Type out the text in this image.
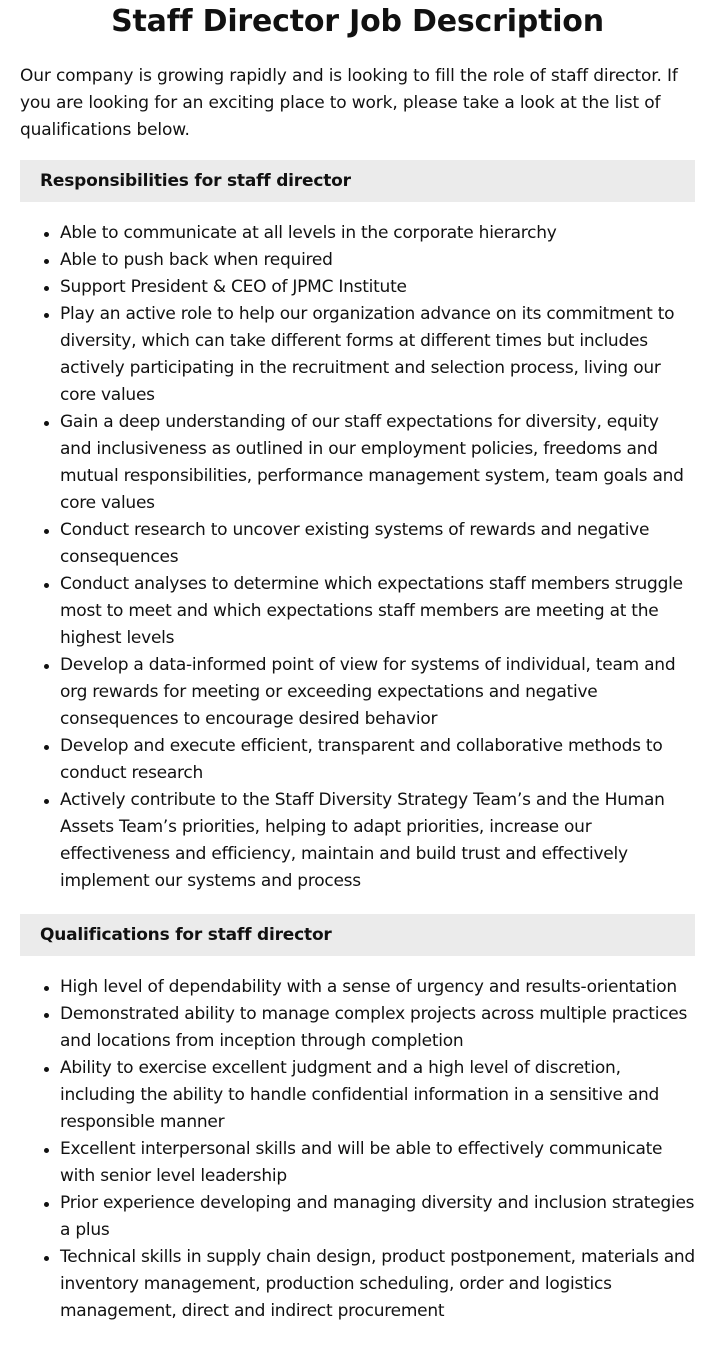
Staff Director Job Description

Our company is growing rapidly and is looking to fill the role of staff director. If you are looking for an exciting place to work, please take a look at the list of qualifications below.

Responsibilities for staff director
Able to communicate at all levels in the corporate hierarchy
Able to push back when required
Support President & CEO of JPMC Institute
Play an active role to help our organization advance on its commitment to diversity, which can take different forms at different times but includes actively participating in the recruitment and selection process, living our core values
Gain a deep understanding of our staff expectations for diversity, equity and inclusiveness as outlined in our employment policies, freedoms and mutual responsibilities, performance management system, team goals and core values
Conduct research to uncover existing systems of rewards and negative consequences
Conduct analyses to determine which expectations staff members struggle most to meet and which expectations staff members are meeting at the highest levels
Develop a data-informed point of view for systems of individual, team and org rewards for meeting or exceeding expectations and negative consequences to encourage desired behavior
Develop and execute efficient, transparent and collaborative methods to conduct research
Actively contribute to the Staff Diversity Strategy Team’s and the Human Assets Team’s priorities, helping to adapt priorities, increase our effectiveness and efficiency, maintain and build trust and effectively implement our systems and process
Qualifications for staff director
High level of dependability with a sense of urgency and results-orientation
Demonstrated ability to manage complex projects across multiple practices and locations from inception through completion
Ability to exercise excellent judgment and a high level of discretion, including the ability to handle confidential information in a sensitive and responsible manner
Excellent interpersonal skills and will be able to effectively communicate with senior level leadership
Prior experience developing and managing diversity and inclusion strategies a plus
Technical skills in supply chain design, product postponement, materials and inventory management, production scheduling, order and logistics management, direct and indirect procurement
